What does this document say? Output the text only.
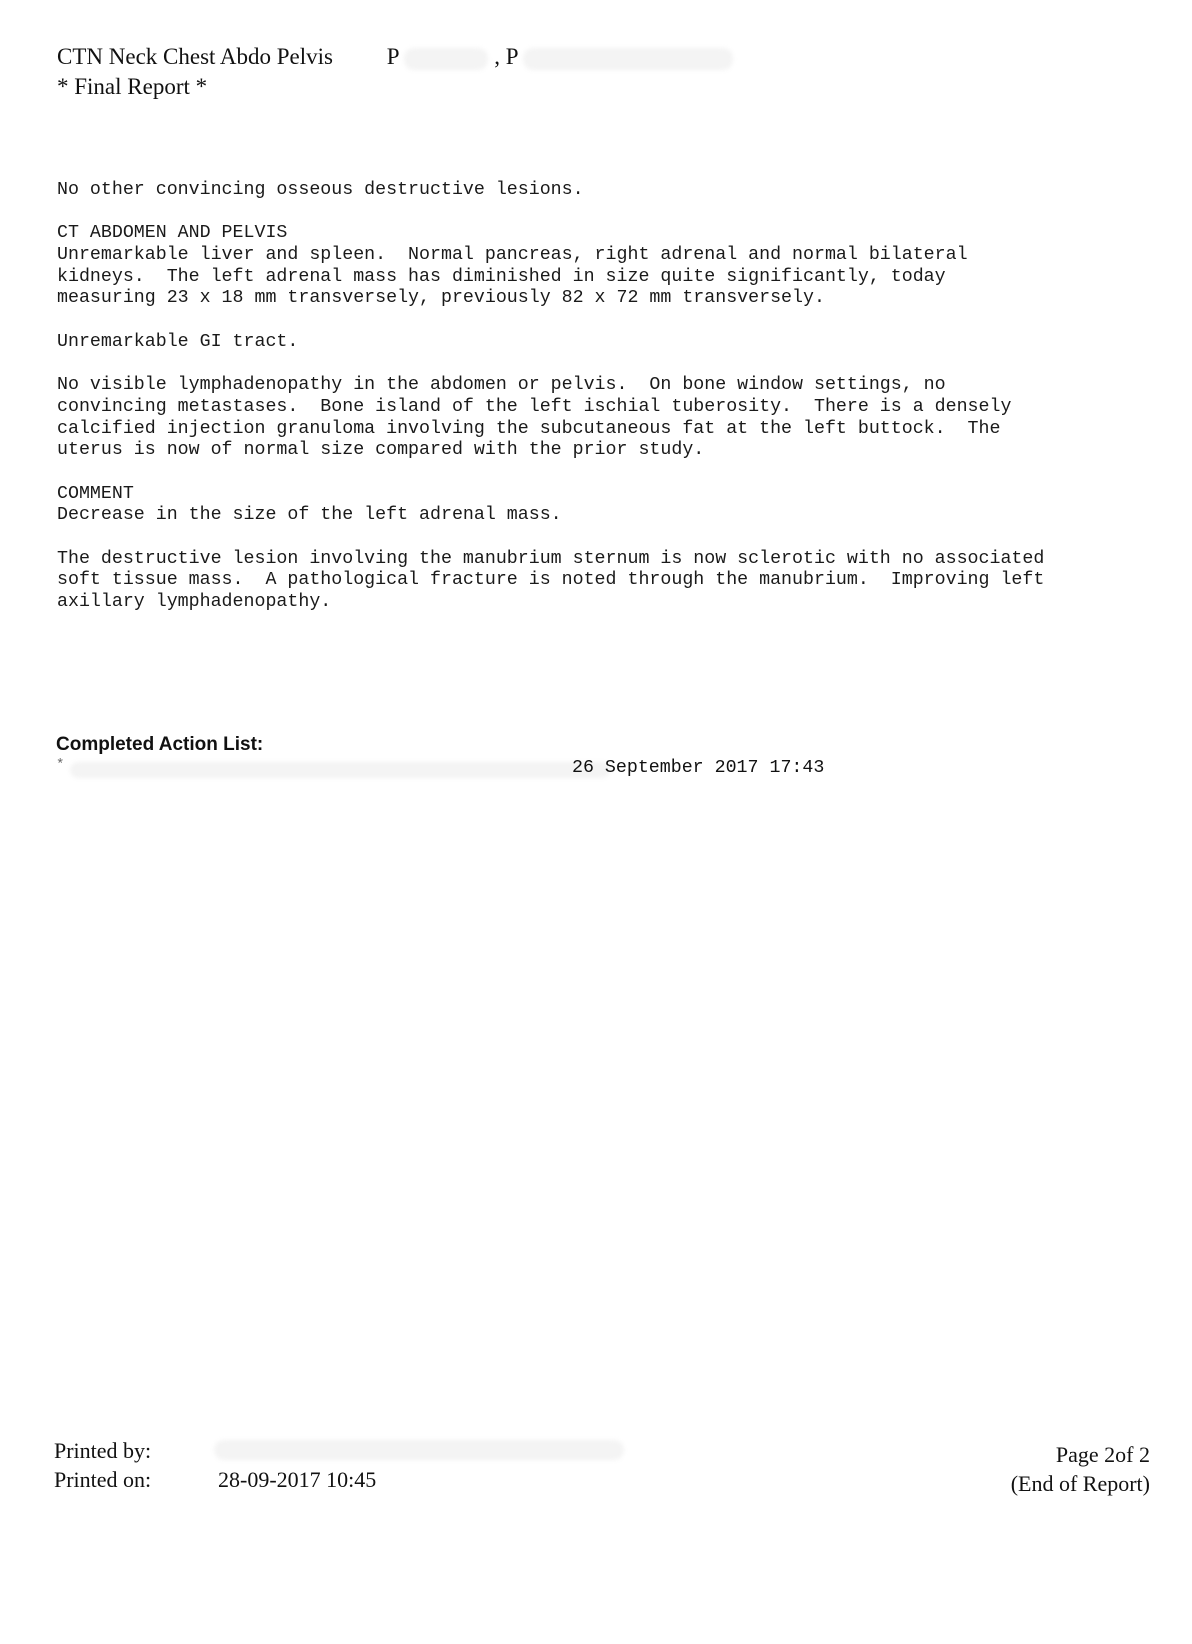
CTN Neck Chest Abdo Pelvis P	, P
* Final Report *
No other convincing osseous destructive lesions.
CT ABDOMEN AND PELVIS
Unremarkable liver and spleen.  Normal pancreas, right adrenal and normal bilateral
kidneys.  The left adrenal mass has diminished in size quite significantly, today
measuring 23 x 18 mm transversely, previously 82 x 72 mm transversely.
Unremarkable GI tract.
No visible lymphadenopathy in the abdomen or pelvis.  On bone window settings, no
convincing metastases.  Bone island of the left ischial tuberosity.  There is a densely
calcified injection granuloma involving the subcutaneous fat at the left buttock.  The
uterus is now of normal size compared with the prior study.
COMMENT
Decrease in the size of the left adrenal mass.
The destructive lesion involving the manubrium sternum is now sclerotic with no associated
soft tissue mass.  A pathological fracture is noted through the manubrium.  Improving left
axillary lymphadenopathy.
Completed Action List:
*	26 September 2017 17:43
Printed by:
Printed on:	28-09-2017 10:45
Page 2of 2
(End of Report)
